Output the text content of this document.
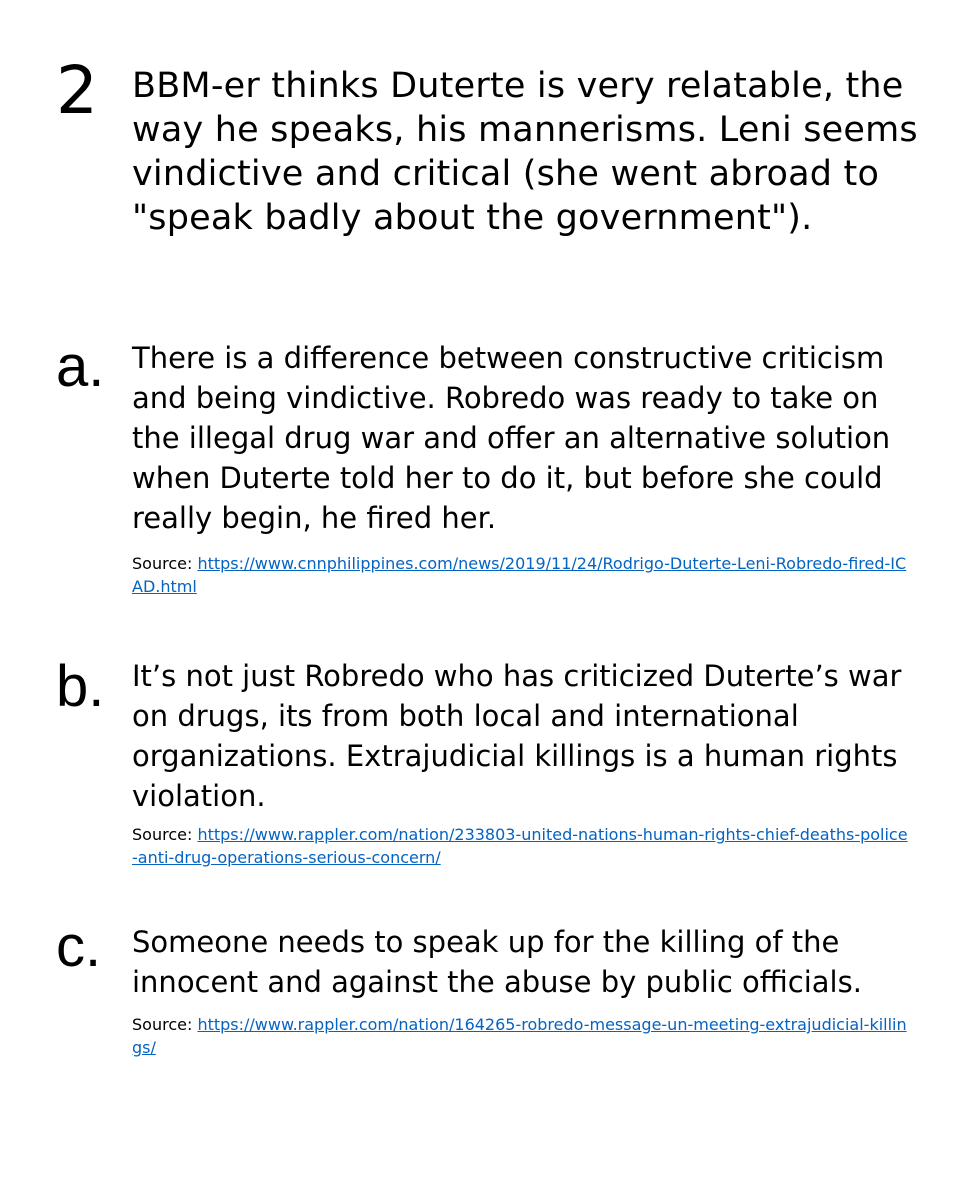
2 BBM-er thinks Duterte is very relatable, the way he speaks, his mannerisms. Leni seems vindictive and critical (she went abroad to "speak badly about the government").

a. There is a difference between constructive criticism and being vindictive. Robredo was ready to take on the illegal drug war and offer an alternative solution when Duterte told her to do it, but before she could really begin, he fired her.

Source: https://www.cnnphilippines.com/news/2019/11/24/Rodrigo-Duterte-Leni-Robredo-fired-ICAD.html

b. It’s not just Robredo who has criticized Duterte’s war on drugs, its from both local and international organizations. Extrajudicial killings is a human rights violation.

Source: https://www.rappler.com/nation/233803-united-nations-human-rights-chief-deaths-police-anti-drug-operations-serious-concern/

c. Someone needs to speak up for the killing of the innocent and against the abuse by public officials.

Source: https://www.rappler.com/nation/164265-robredo-message-un-meeting-extrajudicial-killings/
